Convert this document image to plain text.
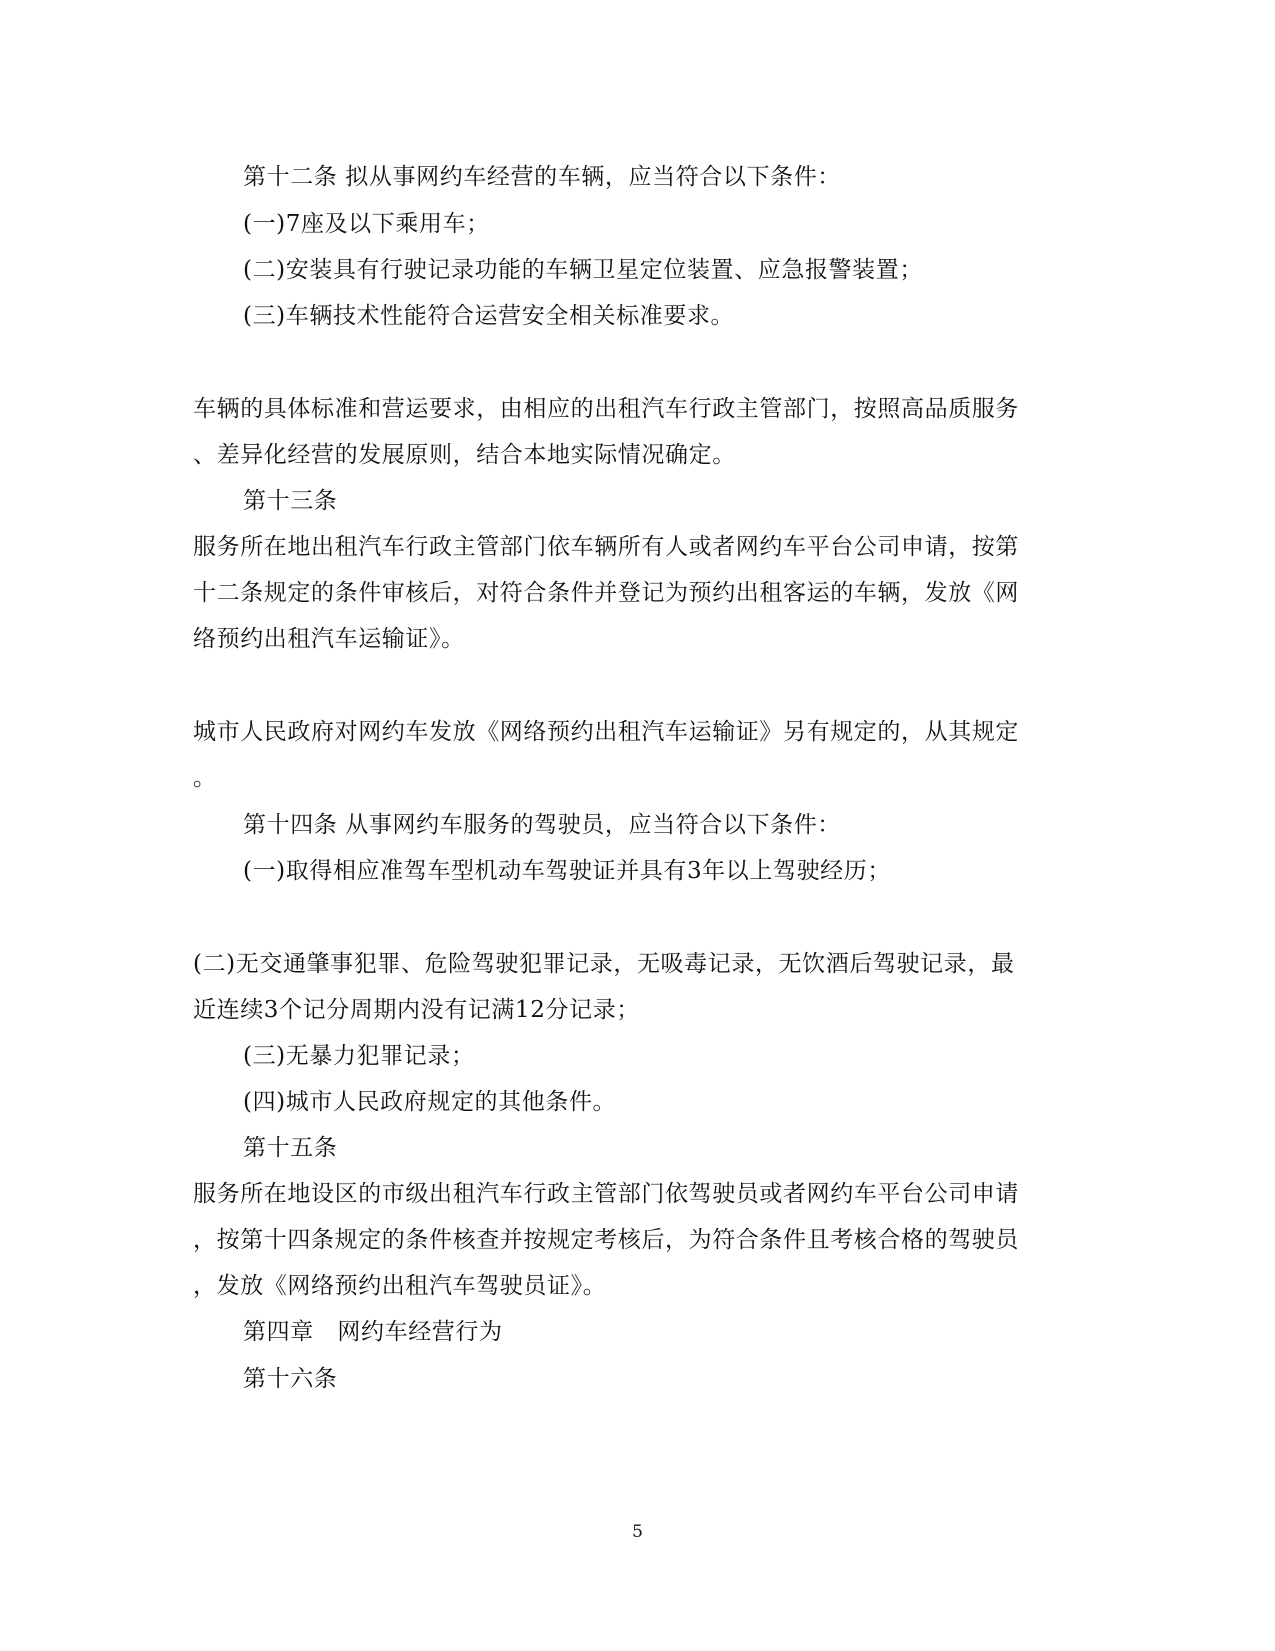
第十二条 拟从事网约车经营的车辆，应当符合以下条件：
(一)7座及以下乘用车；
(二)安装具有行驶记录功能的车辆卫星定位装置、应急报警装置；
(三)车辆技术性能符合运营安全相关标准要求。
车辆的具体标准和营运要求，由相应的出租汽车行政主管部门，按照高品质服务
、差异化经营的发展原则，结合本地实际情况确定。
第十三条
服务所在地出租汽车行政主管部门依车辆所有人或者网约车平台公司申请，按第
十二条规定的条件审核后，对符合条件并登记为预约出租客运的车辆，发放《网
络预约出租汽车运输证》。
城市人民政府对网约车发放《网络预约出租汽车运输证》另有规定的，从其规定
。
第十四条 从事网约车服务的驾驶员，应当符合以下条件：
(一)取得相应准驾车型机动车驾驶证并具有3年以上驾驶经历；
(二)无交通肇事犯罪、危险驾驶犯罪记录，无吸毒记录，无饮酒后驾驶记录，最
近连续3个记分周期内没有记满12分记录；
(三)无暴力犯罪记录；
(四)城市人民政府规定的其他条件。
第十五条
服务所在地设区的市级出租汽车行政主管部门依驾驶员或者网约车平台公司申请
，按第十四条规定的条件核查并按规定考核后，为符合条件且考核合格的驾驶员
，发放《网络预约出租汽车驾驶员证》。
第四章　网约车经营行为
第十六条
5
